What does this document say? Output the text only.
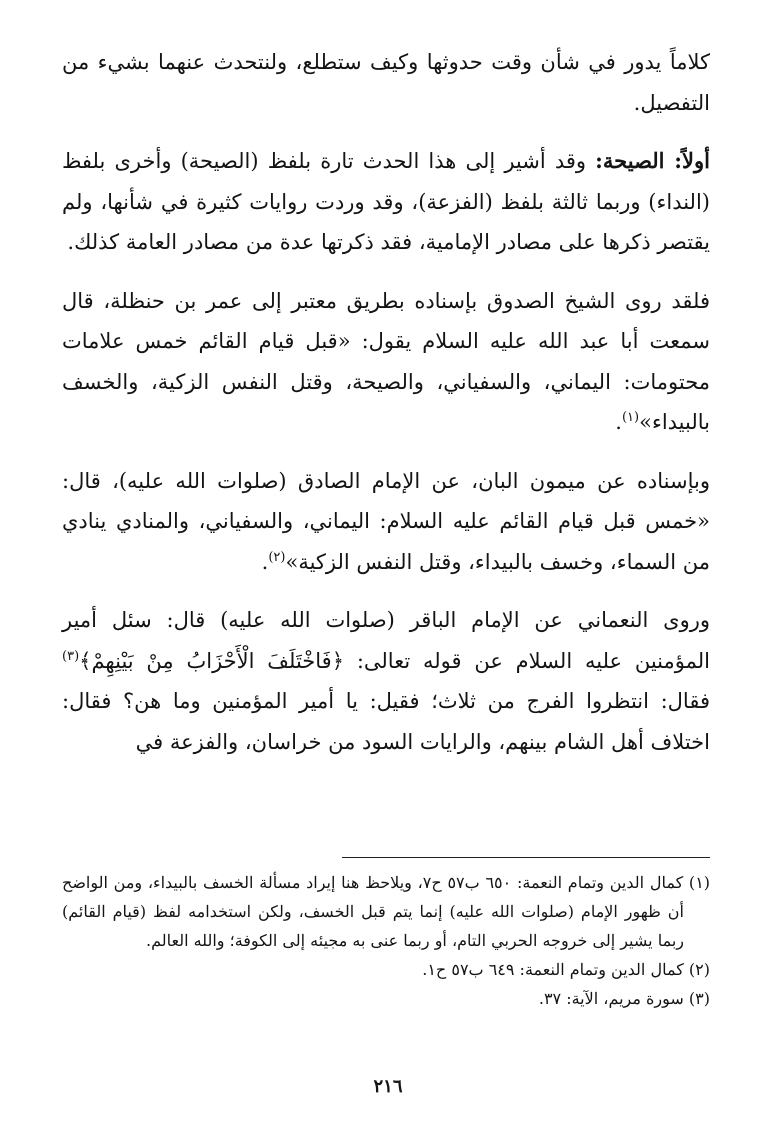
كلاماً يدور في شأن وقت حدوثها وكيف ستطلع، ولنتحدث عنهما بشيء من التفصيل.

أولاً: الصيحة: وقد أشير إلى هذا الحدث تارة بلفظ (الصيحة) وأخرى بلفظ (النداء) وربما ثالثة بلفظ (الفزعة)، وقد وردت روايات كثيرة في شأنها، ولم يقتصر ذكرها على مصادر الإمامية، فقد ذكرتها عدة من مصادر العامة كذلك.

فلقد روى الشيخ الصدوق بإسناده بطريق معتبر إلى عمر بن حنظلة، قال سمعت أبا عبد الله عليه السلام يقول: «قبل قيام القائم خمس علامات محتومات: اليماني، والسفياني، والصيحة، وقتل النفس الزكية، والخسف بالبيداء»$^{(١)}$.

وبإسناده عن ميمون البان، عن الإمام الصادق (صلوات الله عليه)، قال: «خمس قبل قيام القائم عليه السلام: اليماني، والسفياني، والمنادي ينادي من السماء، وخسف بالبيداء، وقتل النفس الزكية»$^{(٢)}$.

وروى النعماني عن الإمام الباقر (صلوات الله عليه) قال: سئل أمير المؤمنين عليه السلام عن قوله تعالى: ﴿فَاخْتَلَفَ الْأَحْزَابُ مِنْ بَيْنِهِمْ﴾$^{(٣)}$ فقال: انتظروا الفرج من ثلاث؛ فقيل: يا أمير المؤمنين وما هن؟ فقال: اختلاف أهل الشام بينهم، والرايات السود من خراسان، والفزعة في

(١) كمال الدين وتمام النعمة: ٦٥٠ ب٥٧ ح٧، ويلاحظ هنا إيراد مسألة الخسف بالبيداء، ومن الواضح أن ظهور الإمام (صلوات الله عليه) إنما يتم قبل الخسف، ولكن استخدامه لفظ (قيام القائم) ربما يشير إلى خروجه الحربي التام، أو ربما عنى به مجيئه إلى الكوفة؛ والله العالم.

(٢) كمال الدين وتمام النعمة: ٦٤٩ ب٥٧ ح١.

(٣) سورة مريم، الآية: ٣٧.

٢١٦
